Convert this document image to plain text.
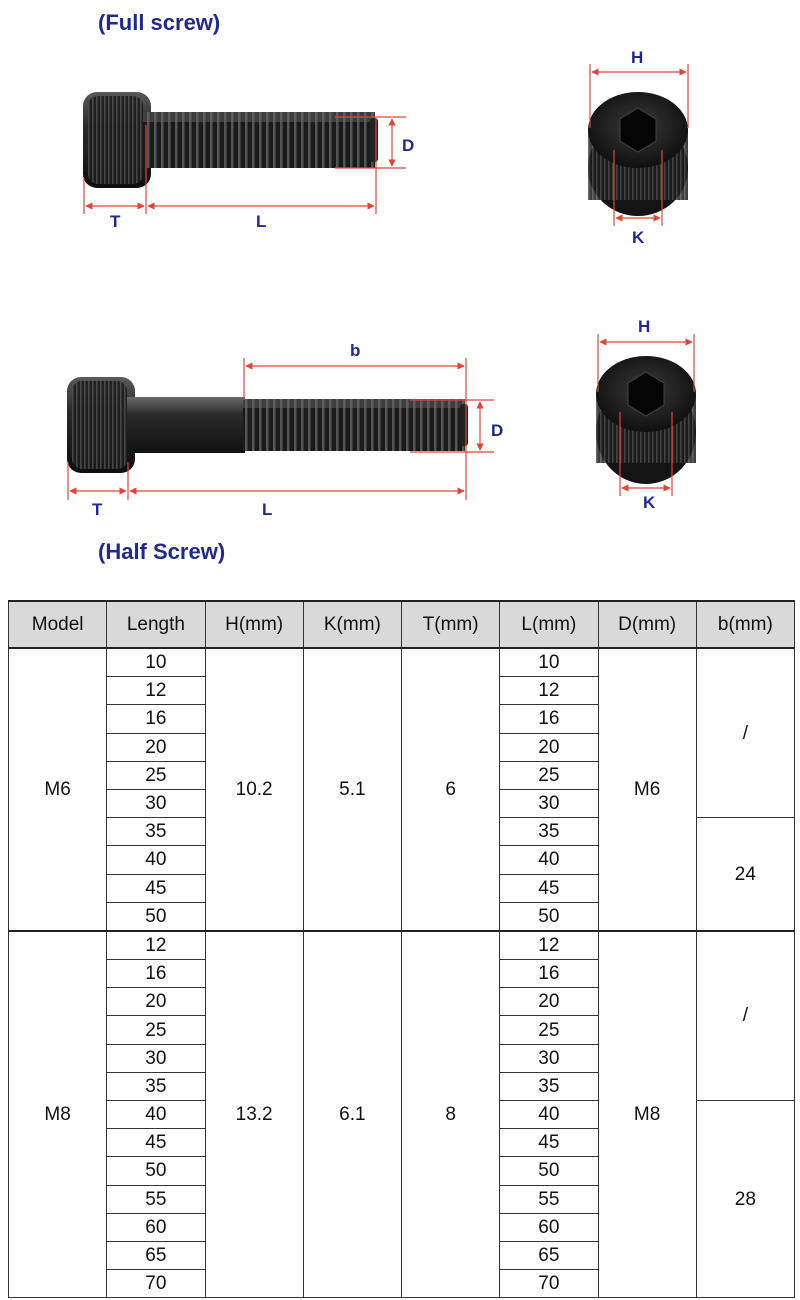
(Full screw)
T	L
D
H
K
b
T	L
D
H
K
(Half Screw)
Model	Length	H(mm)	K(mm)	T(mm)	L(mm)	D(mm)	b(mm)
M6	10	10.2	5.1	6	10	M6	/
	12				12		
	16				16		
	20				20		
	25				25		
	30				30		
	35				35		24
	40				40		
	45				45		
	50				50		
M8	12	13.2	6.1	8	12	M8	/
	16				16		
	20				20		
	25				25		
	30				30		
	35				35		
	40				40		28
	45				45		
	50				50		
	55				55		
	60				60		
	65				65		
	70				70		
